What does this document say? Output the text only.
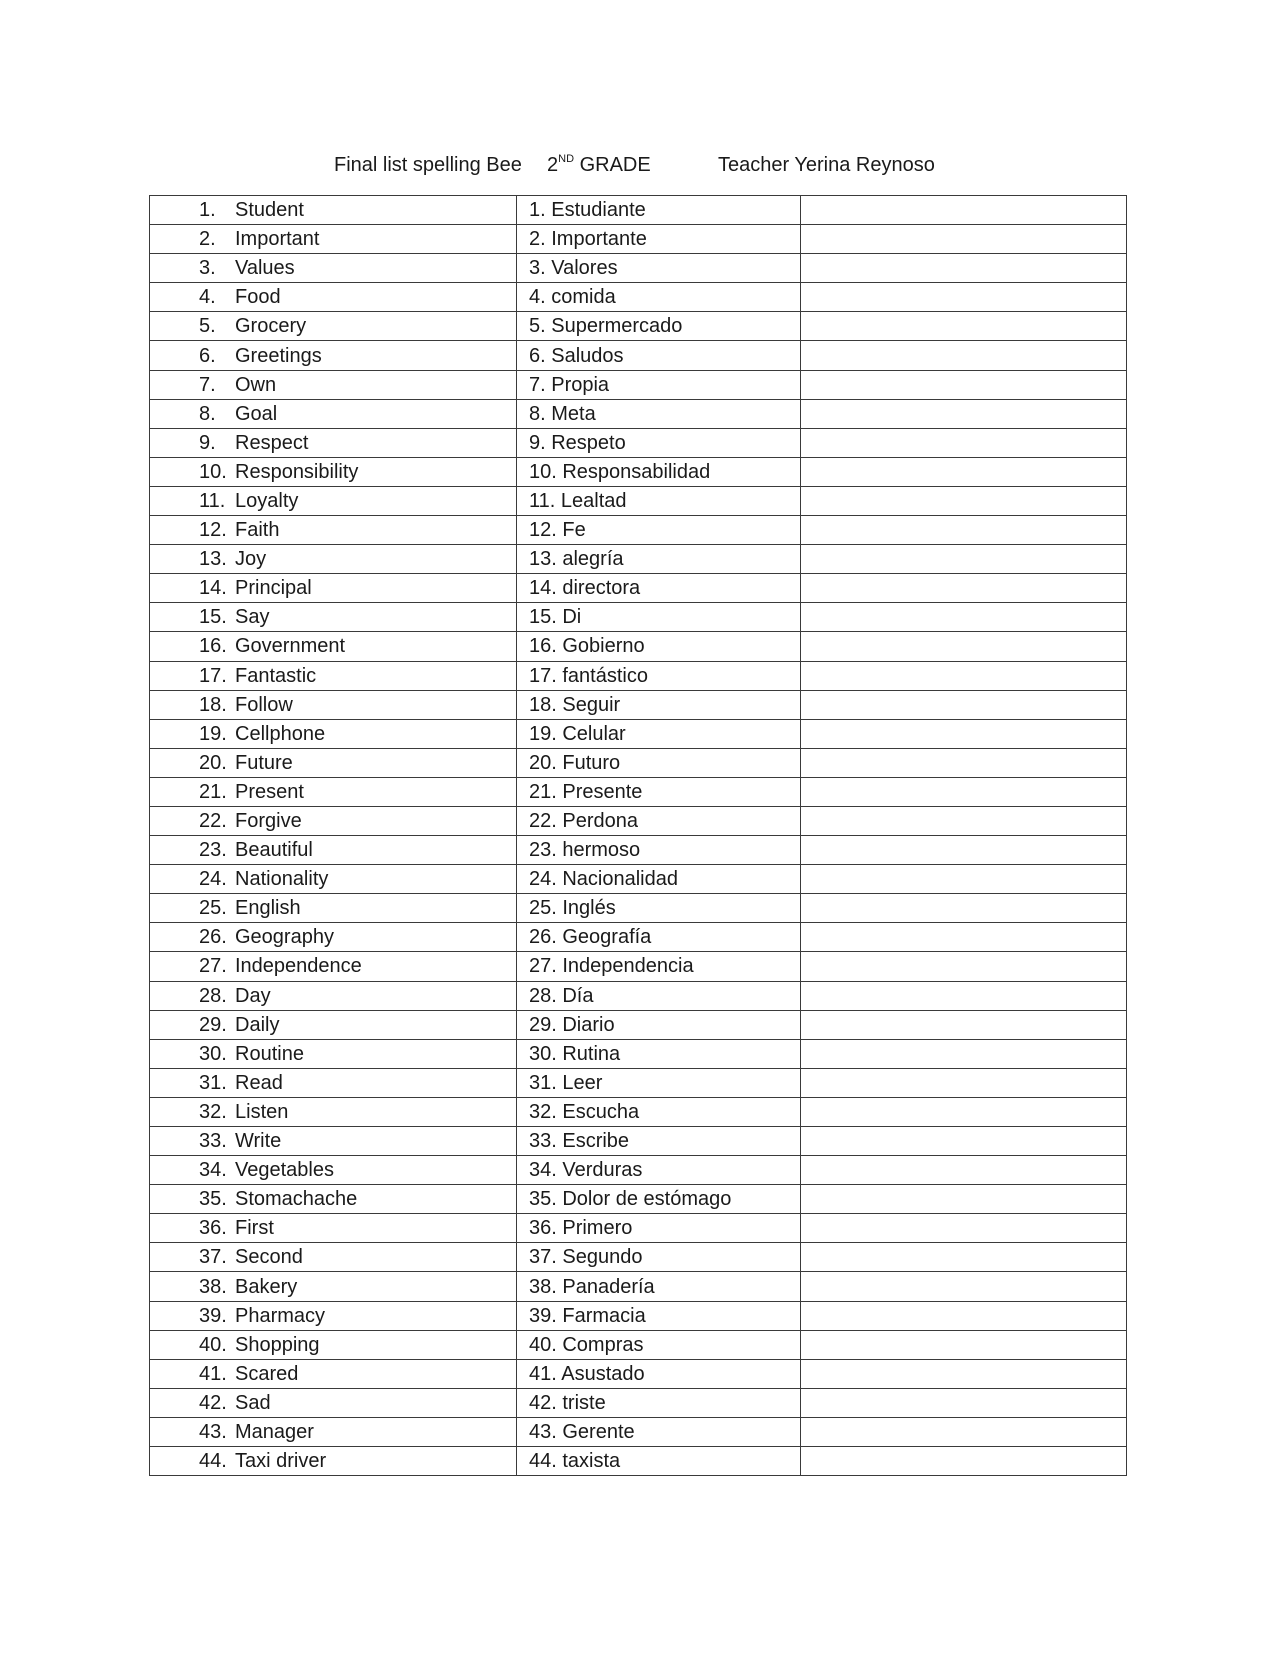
Final list spelling Bee 2ND GRADE	Teacher Yerina Reynoso
1. Student	1. Estudiante	
2. Important	2. Importante	
3. Values	3. Valores	
4. Food	4. comida	
5. Grocery	5. Supermercado	
6. Greetings	6. Saludos	
7. Own	7. Propia	
8. Goal	8. Meta	
9. Respect	9. Respeto	
10. Responsibility	10. Responsabilidad	
11. Loyalty	11. Lealtad	
12. Faith	12. Fe	
13. Joy	13. alegría	
14. Principal	14. directora	
15. Say	15. Di	
16. Government	16. Gobierno	
17. Fantastic	17. fantástico	
18. Follow	18. Seguir	
19. Cellphone	19. Celular	
20. Future	20. Futuro	
21. Present	21. Presente	
22. Forgive	22. Perdona	
23. Beautiful	23. hermoso	
24. Nationality	24. Nacionalidad	
25. English	25. Inglés	
26. Geography	26. Geografía	
27. Independence	27. Independencia	
28. Day	28. Día	
29. Daily	29. Diario	
30. Routine	30. Rutina	
31. Read	31. Leer	
32. Listen	32. Escucha	
33. Write	33. Escribe	
34. Vegetables	34. Verduras	
35. Stomachache	35. Dolor de estómago	
36. First	36. Primero	
37. Second	37. Segundo	
38. Bakery	38. Panadería	
39. Pharmacy	39. Farmacia	
40. Shopping	40. Compras	
41. Scared	41. Asustado	
42. Sad	42. triste	
43. Manager	43. Gerente	
44. Taxi driver	44. taxista	
